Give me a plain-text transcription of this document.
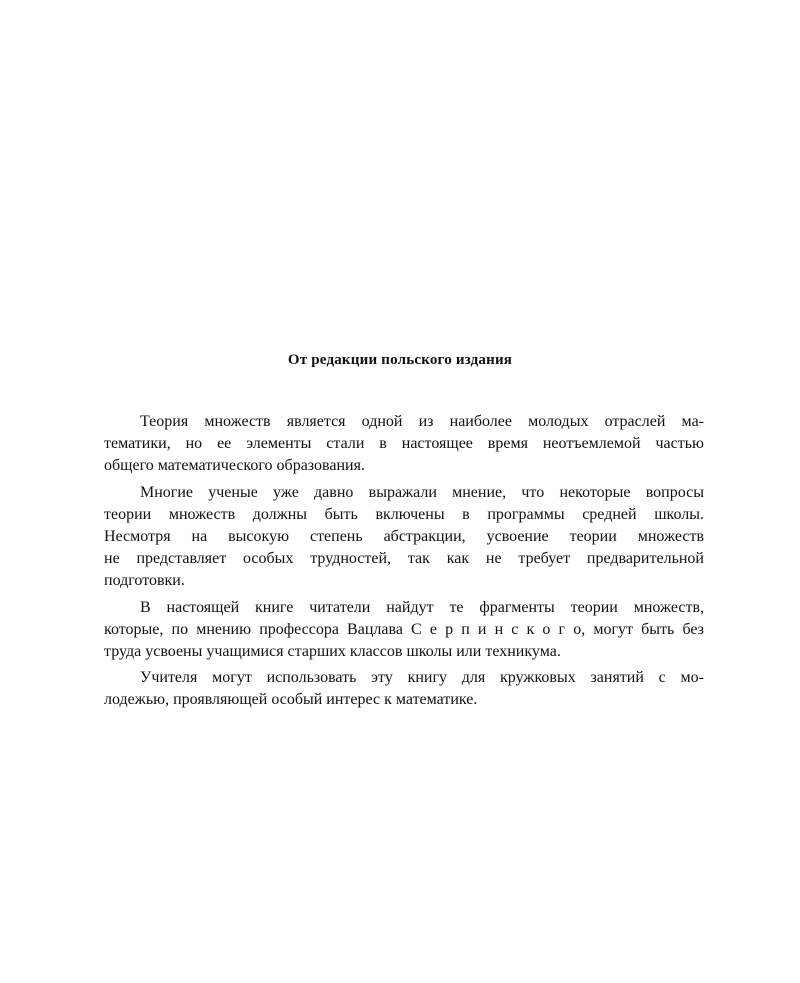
От редакции польского издания
Теория множеств является одной из наиболее молодых отраслей ма-
тематики, но ее элементы стали в настоящее время неотъемлемой частью
общего математического образования.
Многие ученые уже давно выражали мнение, что некоторые вопросы
теории множеств должны быть включены в программы средней школы.
Несмотря на высокую степень абстракции, усвоение теории множеств
не представляет особых трудностей, так как не требует предварительной
подготовки.
В настоящей книге читатели найдут те фрагменты теории множеств,
которые, по мнению профессора Вацлава С е р п и н с к о г о, могут быть без
труда усвоены учащимися старших классов школы или техникума.
Учителя могут использовать эту книгу для кружковых занятий с мо-
лодежью, проявляющей особый интерес к математике.
